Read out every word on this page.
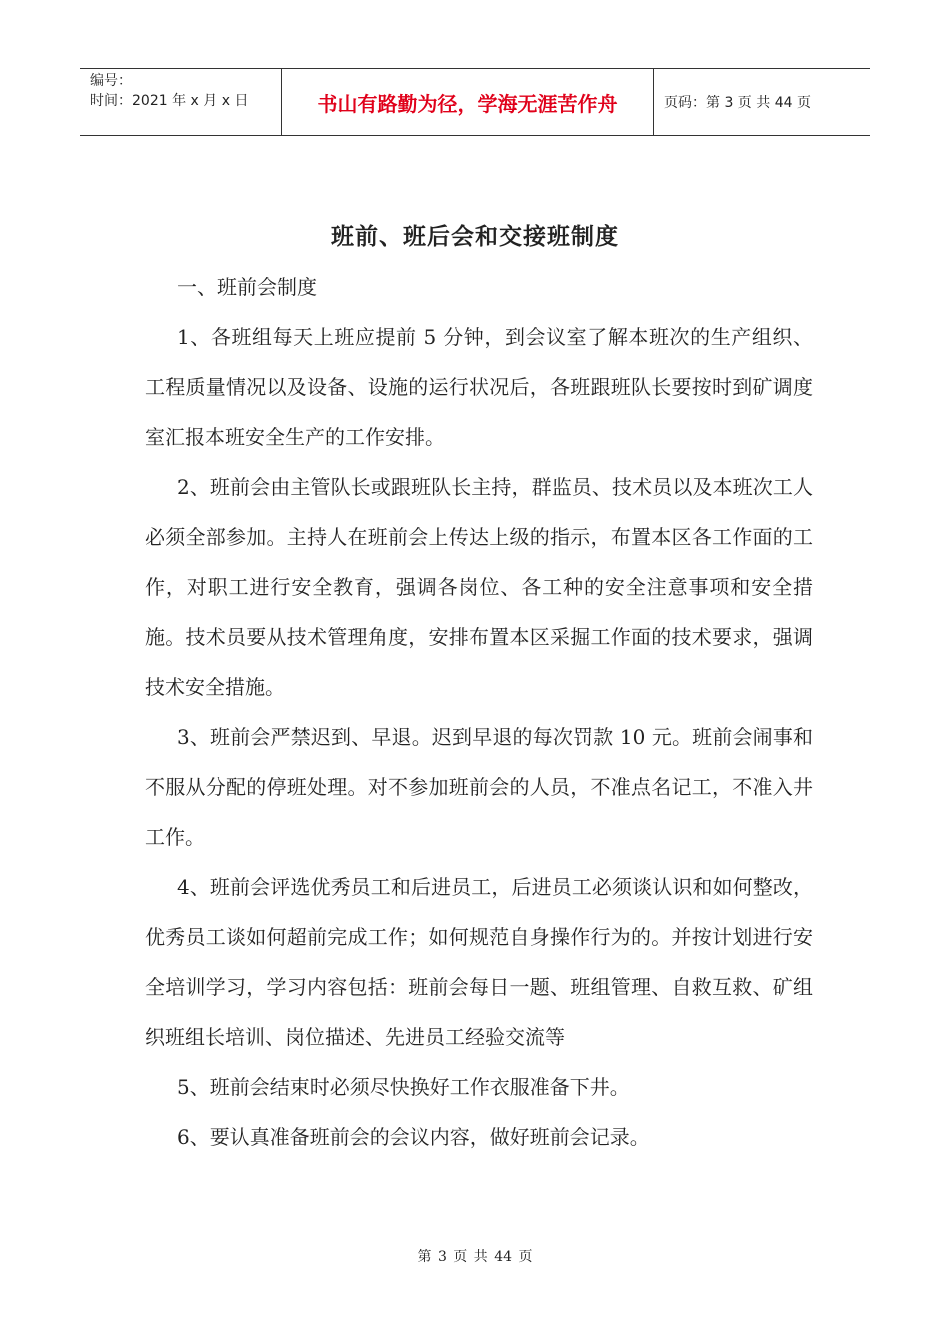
编号：
时间：2021 年 x 月 x 日	书山有路勤为径，学海无涯苦作舟	页码：第 3 页 共 44 页
班前、班后会和交接班制度

一、班前会制度

1、各班组每天上班应提前 5 分钟，到会议室了解本班次的生产组织、工程质量情况以及设备、设施的运行状况后，各班跟班队长要按时到矿调度室汇报本班安全生产的工作安排。

2、班前会由主管队长或跟班队长主持，群监员、技术员以及本班次工人必须全部参加。主持人在班前会上传达上级的指示，布置本区各工作面的工作，对职工进行安全教育，强调各岗位、各工种的安全注意事项和安全措施。技术员要从技术管理角度，安排布置本区采掘工作面的技术要求，强调技术安全措施。

3、班前会严禁迟到、早退。迟到早退的每次罚款 10 元。班前会闹事和不服从分配的停班处理。对不参加班前会的人员，不准点名记工，不准入井工作。

4、班前会评选优秀员工和后进员工，后进员工必须谈认识和如何整改，优秀员工谈如何超前完成工作；如何规范自身操作行为的。并按计划进行安全培训学习，学习内容包括：班前会每日一题、班组管理、自救互救、矿组织班组长培训、岗位描述、先进员工经验交流等

5、班前会结束时必须尽快换好工作衣服准备下井。

6、要认真准备班前会的会议内容，做好班前会记录。

第 3 页 共 44 页
